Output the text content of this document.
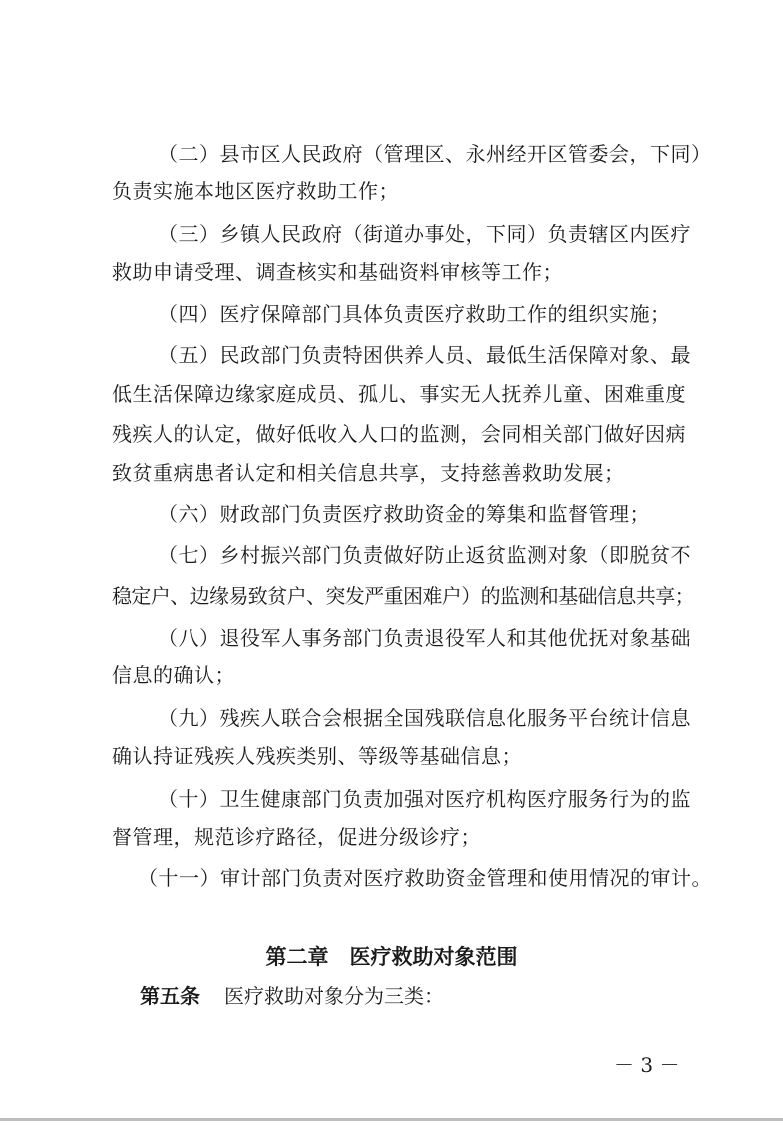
（二）县市区人民政府（管理区、永州经开区管委会，下同）
负责实施本地区医疗救助工作；
（三）乡镇人民政府（街道办事处，下同）负责辖区内医疗
救助申请受理、调查核实和基础资料审核等工作；
（四）医疗保障部门具体负责医疗救助工作的组织实施；
（五）民政部门负责特困供养人员、最低生活保障对象、最
低生活保障边缘家庭成员、孤儿、事实无人抚养儿童、困难重度
残疾人的认定，做好低收入人口的监测，会同相关部门做好因病
致贫重病患者认定和相关信息共享，支持慈善救助发展；
（六）财政部门负责医疗救助资金的筹集和监督管理；
（七）乡村振兴部门负责做好防止返贫监测对象（即脱贫不
稳定户、边缘易致贫户、突发严重困难户）的监测和基础信息共享；
（八）退役军人事务部门负责退役军人和其他优抚对象基础
信息的确认；
（九）残疾人联合会根据全国残联信息化服务平台统计信息
确认持证残疾人残疾类别、等级等基础信息；
（十）卫生健康部门负责加强对医疗机构医疗服务行为的监
督管理，规范诊疗路径，促进分级诊疗；
（十一）审计部门负责对医疗救助资金管理和使用情况的审计。
第二章　医疗救助对象范围
第五条 医疗救助对象分为三类：
－ 3 －
